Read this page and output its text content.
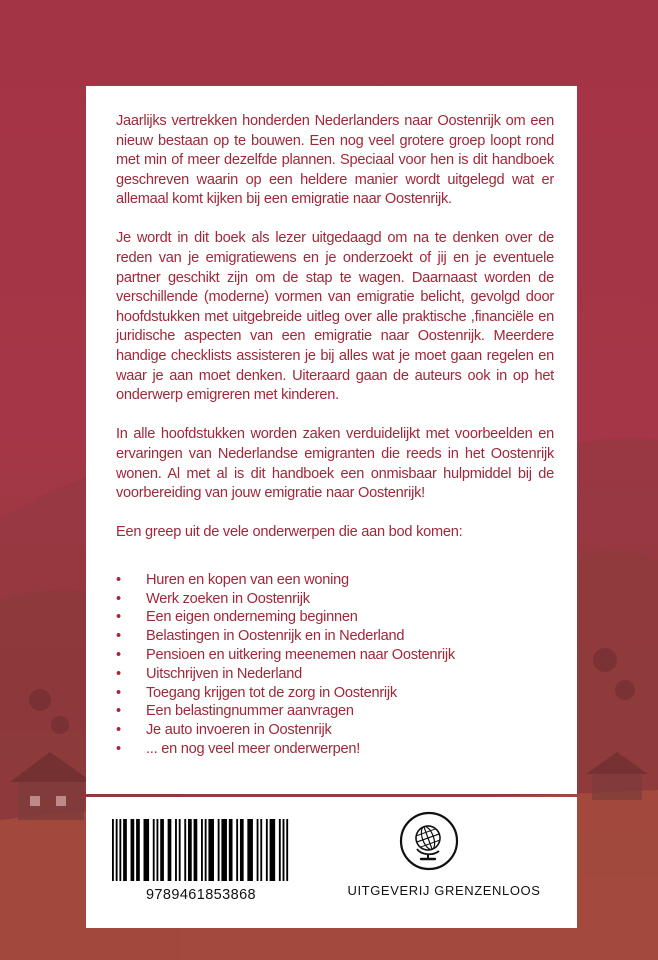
Jaarlijks vertrekken honderden Nederlanders naar Oostenrijk om een nieuw bestaan op te bouwen. Een nog veel grotere groep loopt rond met min of meer dezelfde plannen. Speciaal voor hen is dit handboek geschreven waarin op een heldere manier wordt uitgelegd wat er allemaal komt kijken bij een emigratie naar Oostenrijk.

Je wordt in dit boek als lezer uitgedaagd om na te denken over de reden van je emigratiewens en je onderzoekt of jij en je eventuele partner geschikt zijn om de stap te wagen. Daarnaast worden de verschillende (moderne) vormen van emigratie belicht, gevolgd door hoofdstukken met uitgebreide uitleg over alle praktische ,financiële en juridische aspecten van een emigratie naar Oostenrijk. Meerdere handige checklists assisteren je bij alles wat je moet gaan regelen en waar je aan moet denken. Uiteraard gaan de auteurs ook in op het onderwerp emigreren met kinderen.

In alle hoofdstukken worden zaken verduidelijkt met voorbeelden en ervaringen van Nederlandse emigranten die reeds in het Oostenrijk wonen. Al met al is dit handboek een onmisbaar hulpmiddel bij de voorbereiding van jouw emigratie naar Oostenrijk!

Een greep uit de vele onderwerpen die aan bod komen:

• Huren en kopen van een woning
• Werk zoeken in Oostenrijk
• Een eigen onderneming beginnen
• Belastingen in Oostenrijk en in Nederland
• Pensioen en uitkering meenemen naar Oostenrijk
• Uitschrijven in Nederland
• Toegang krijgen tot de zorg in Oostenrijk
• Een belastingnummer aanvragen
• Je auto invoeren in Oostenrijk
• ... en nog veel meer onderwerpen!
9789461853868	UITGEVERIJ GRENZENLOOS
